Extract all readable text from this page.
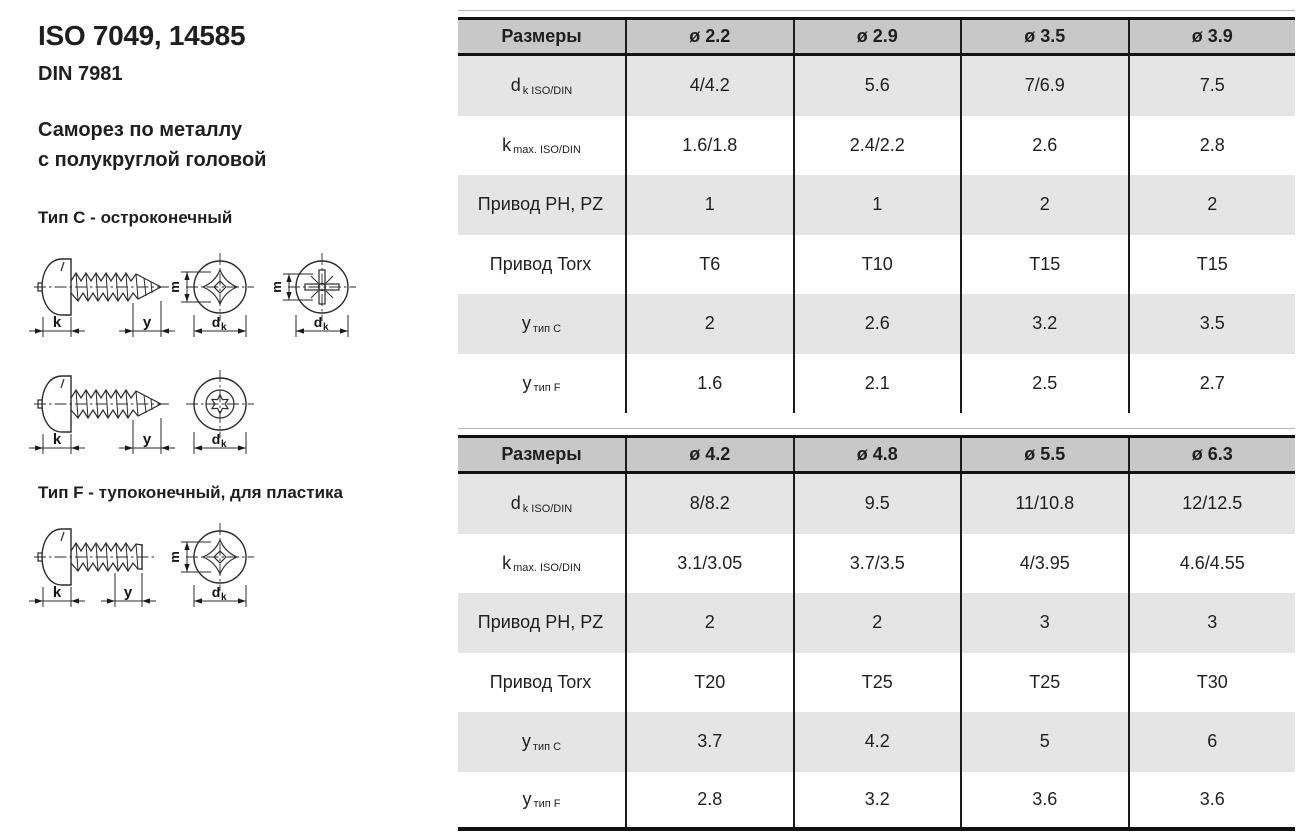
ISO 7049, 14585
DIN 7981
Саморез по металлу
с полукруглой головой
Тип C - остроконечный
Тип F - тупоконечный, для пластика
k	y
m
d k
m
d k
k	y	d k
k	y
m
d k
Размеры	ø 2.2	ø 2.9	ø 3.5	ø 3.9
d k ISO/DIN	4/4.2	5.6	7/6.9	7.5
k max. ISO/DIN	1.6/1.8	2.4/2.2	2.6	2.8
Привод PH, PZ	1	1	2	2
Привод Torx	T6	T10	T15	T15
у тип C	2	2.6	3.2	3.5
у тип F	1.6	2.1	2.5	2.7
Размеры	ø 4.2	ø 4.8	ø 5.5	ø 6.3
d k ISO/DIN	8/8.2	9.5	11/10.8	12/12.5
k max. ISO/DIN	3.1/3.05	3.7/3.5	4/3.95	4.6/4.55
Привод PH, PZ	2	2	3	3
Привод Torx	T20	T25	T25	T30
у тип C	3.7	4.2	5	6
у тип F	2.8	3.2	3.6	3.6
